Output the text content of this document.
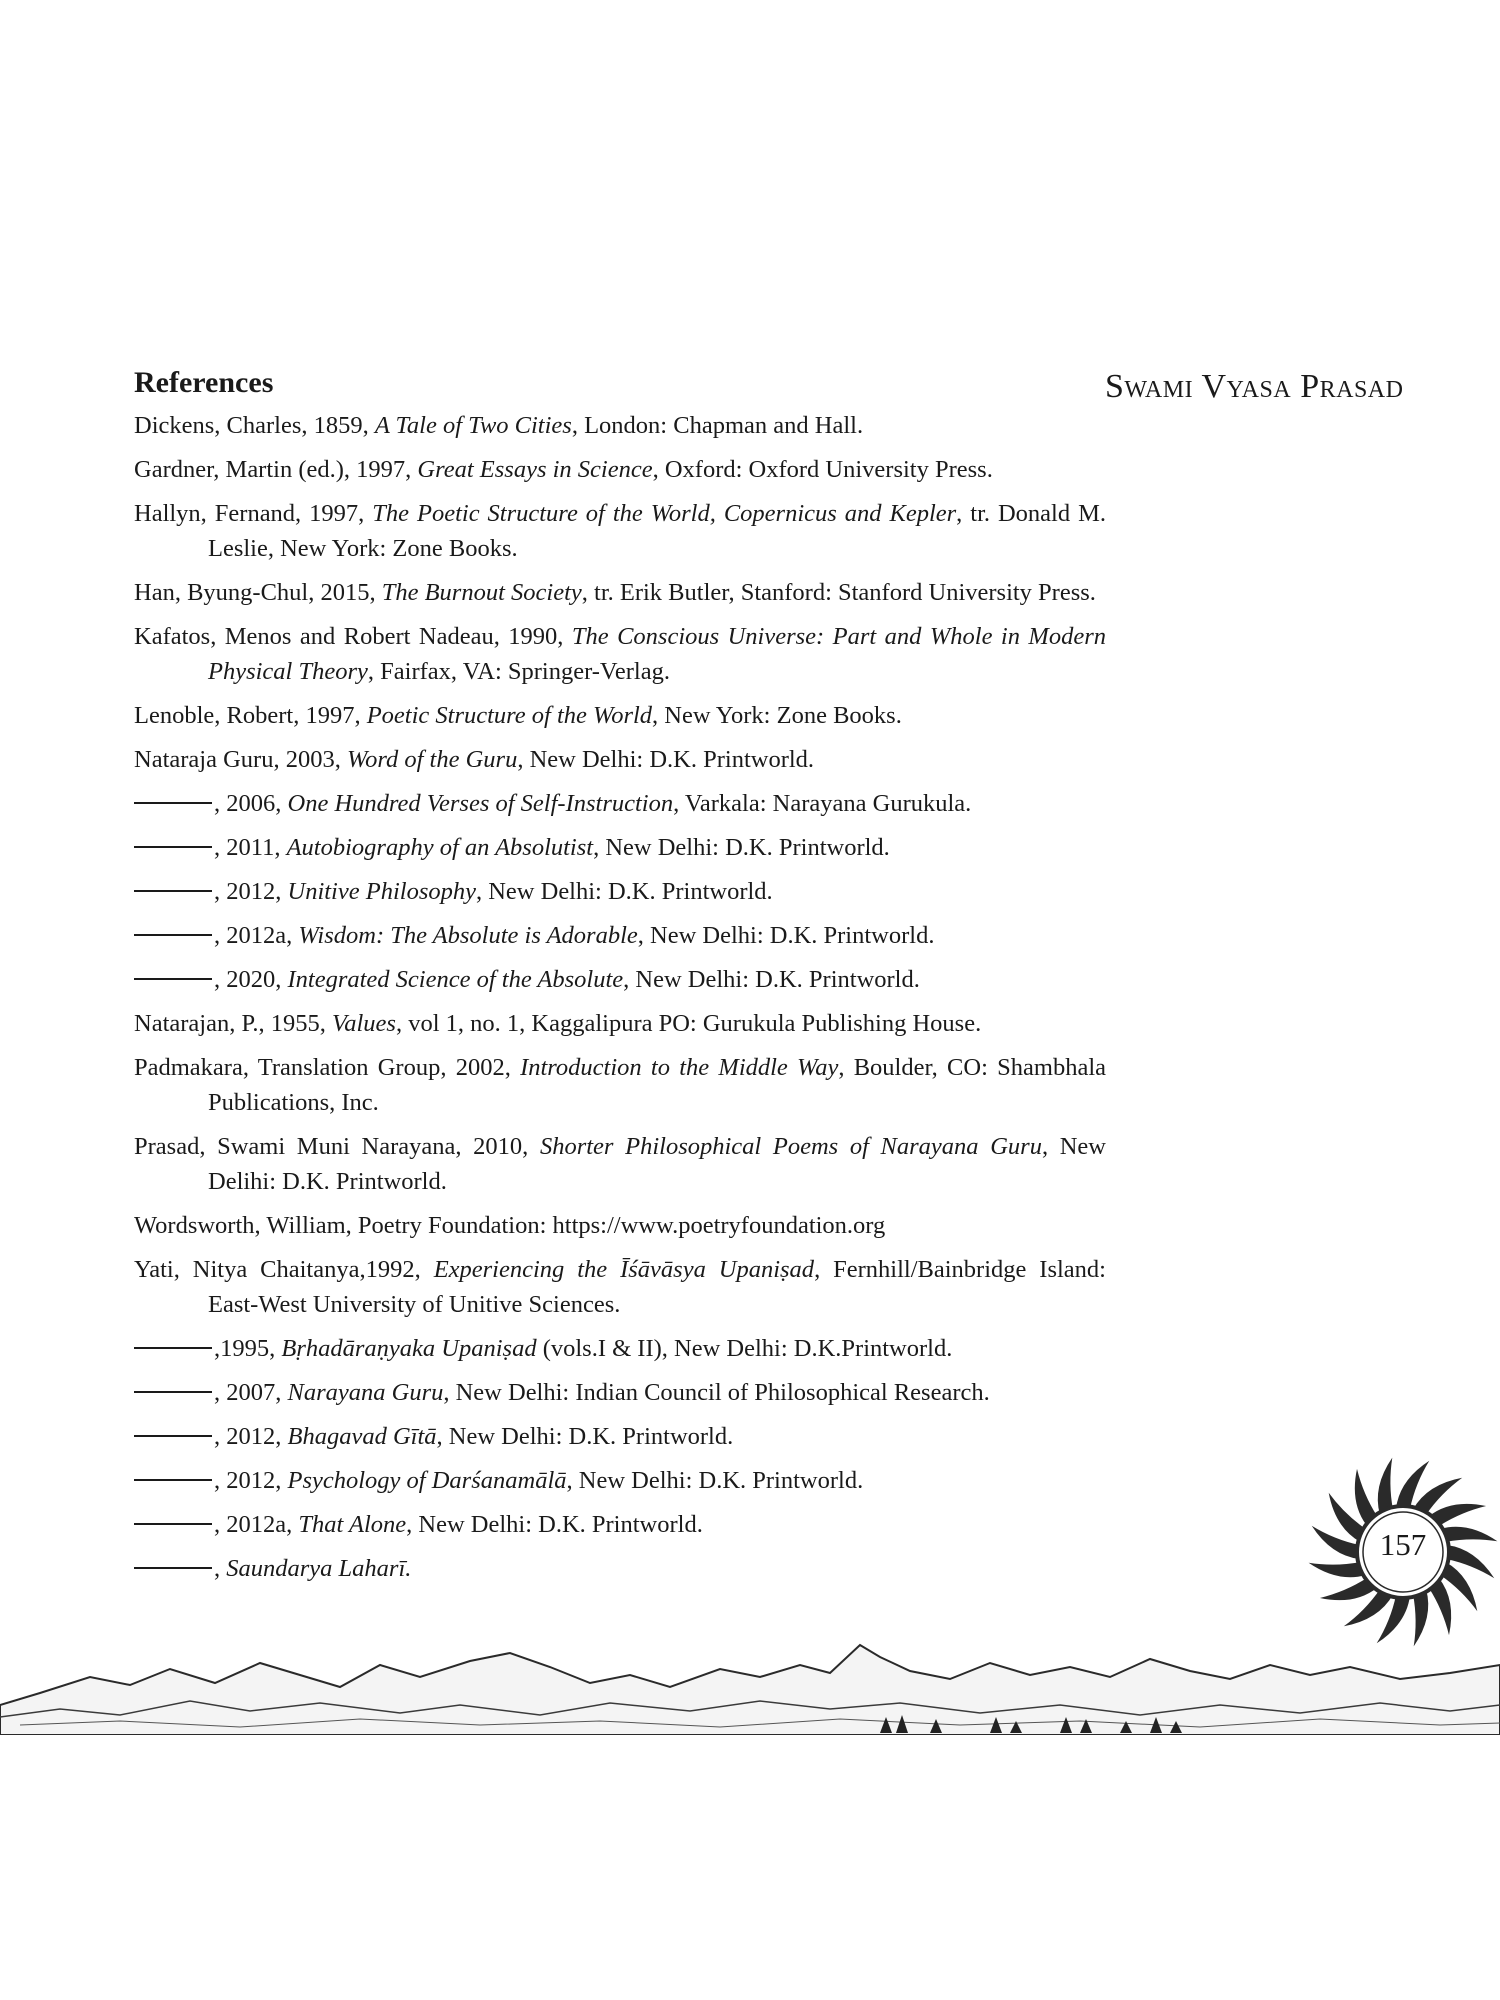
Swami Vyasa Prasad
References

Dickens, Charles, 1859, A Tale of Two Cities, London: Chapman and Hall.

Gardner, Martin (ed.), 1997, Great Essays in Science, Oxford: Oxford University Press.

Hallyn, Fernand, 1997, The Poetic Structure of the World, Copernicus and Kepler, tr. Donald M. Leslie, New York: Zone Books.

Han, Byung-Chul, 2015, The Burnout Society, tr. Erik Butler, Stanford: Stanford University Press.

Kafatos, Menos and Robert Nadeau, 1990, The Conscious Universe: Part and Whole in Modern Physical Theory, Fairfax, VA: Springer-Verlag.

Lenoble, Robert, 1997, Poetic Structure of the World, New York: Zone Books.

Nataraja Guru, 2003, Word of the Guru, New Delhi: D.K. Printworld.

, 2006, One Hundred Verses of Self-Instruction, Varkala: Narayana Gurukula.

, 2011, Autobiography of an Absolutist, New Delhi: D.K. Printworld.

, 2012, Unitive Philosophy, New Delhi: D.K. Printworld.

, 2012a, Wisdom: The Absolute is Adorable, New Delhi: D.K. Printworld.

, 2020, Integrated Science of the Absolute, New Delhi: D.K. Printworld.

Natarajan, P., 1955, Values, vol 1, no. 1, Kaggalipura PO: Gurukula Publishing House.

Padmakara, Translation Group, 2002, Introduction to the Middle Way, Boulder, CO: Shambhala Publications, Inc.

Prasad, Swami Muni Narayana, 2010, Shorter Philosophical Poems of Narayana Guru, New Delihi: D.K. Printworld.

Wordsworth, William, Poetry Foundation: https://www.poetryfoundation.org

Yati, Nitya Chaitanya,1992, Experiencing the Īśāvāsya Upaniṣad, Fernhill/Bainbridge Island: East-West University of Unitive Sciences.

,1995, Bṛhadāraṇyaka Upaniṣad (vols.I & II), New Delhi: D.K.Printworld.

, 2007, Narayana Guru, New Delhi: Indian Council of Philosophical Research.

, 2012, Bhagavad Gītā, New Delhi: D.K. Printworld.

, 2012, Psychology of Darśanamālā, New Delhi: D.K. Printworld.

, 2012a, That Alone, New Delhi: D.K. Printworld.

, Saundarya Laharī.

157
